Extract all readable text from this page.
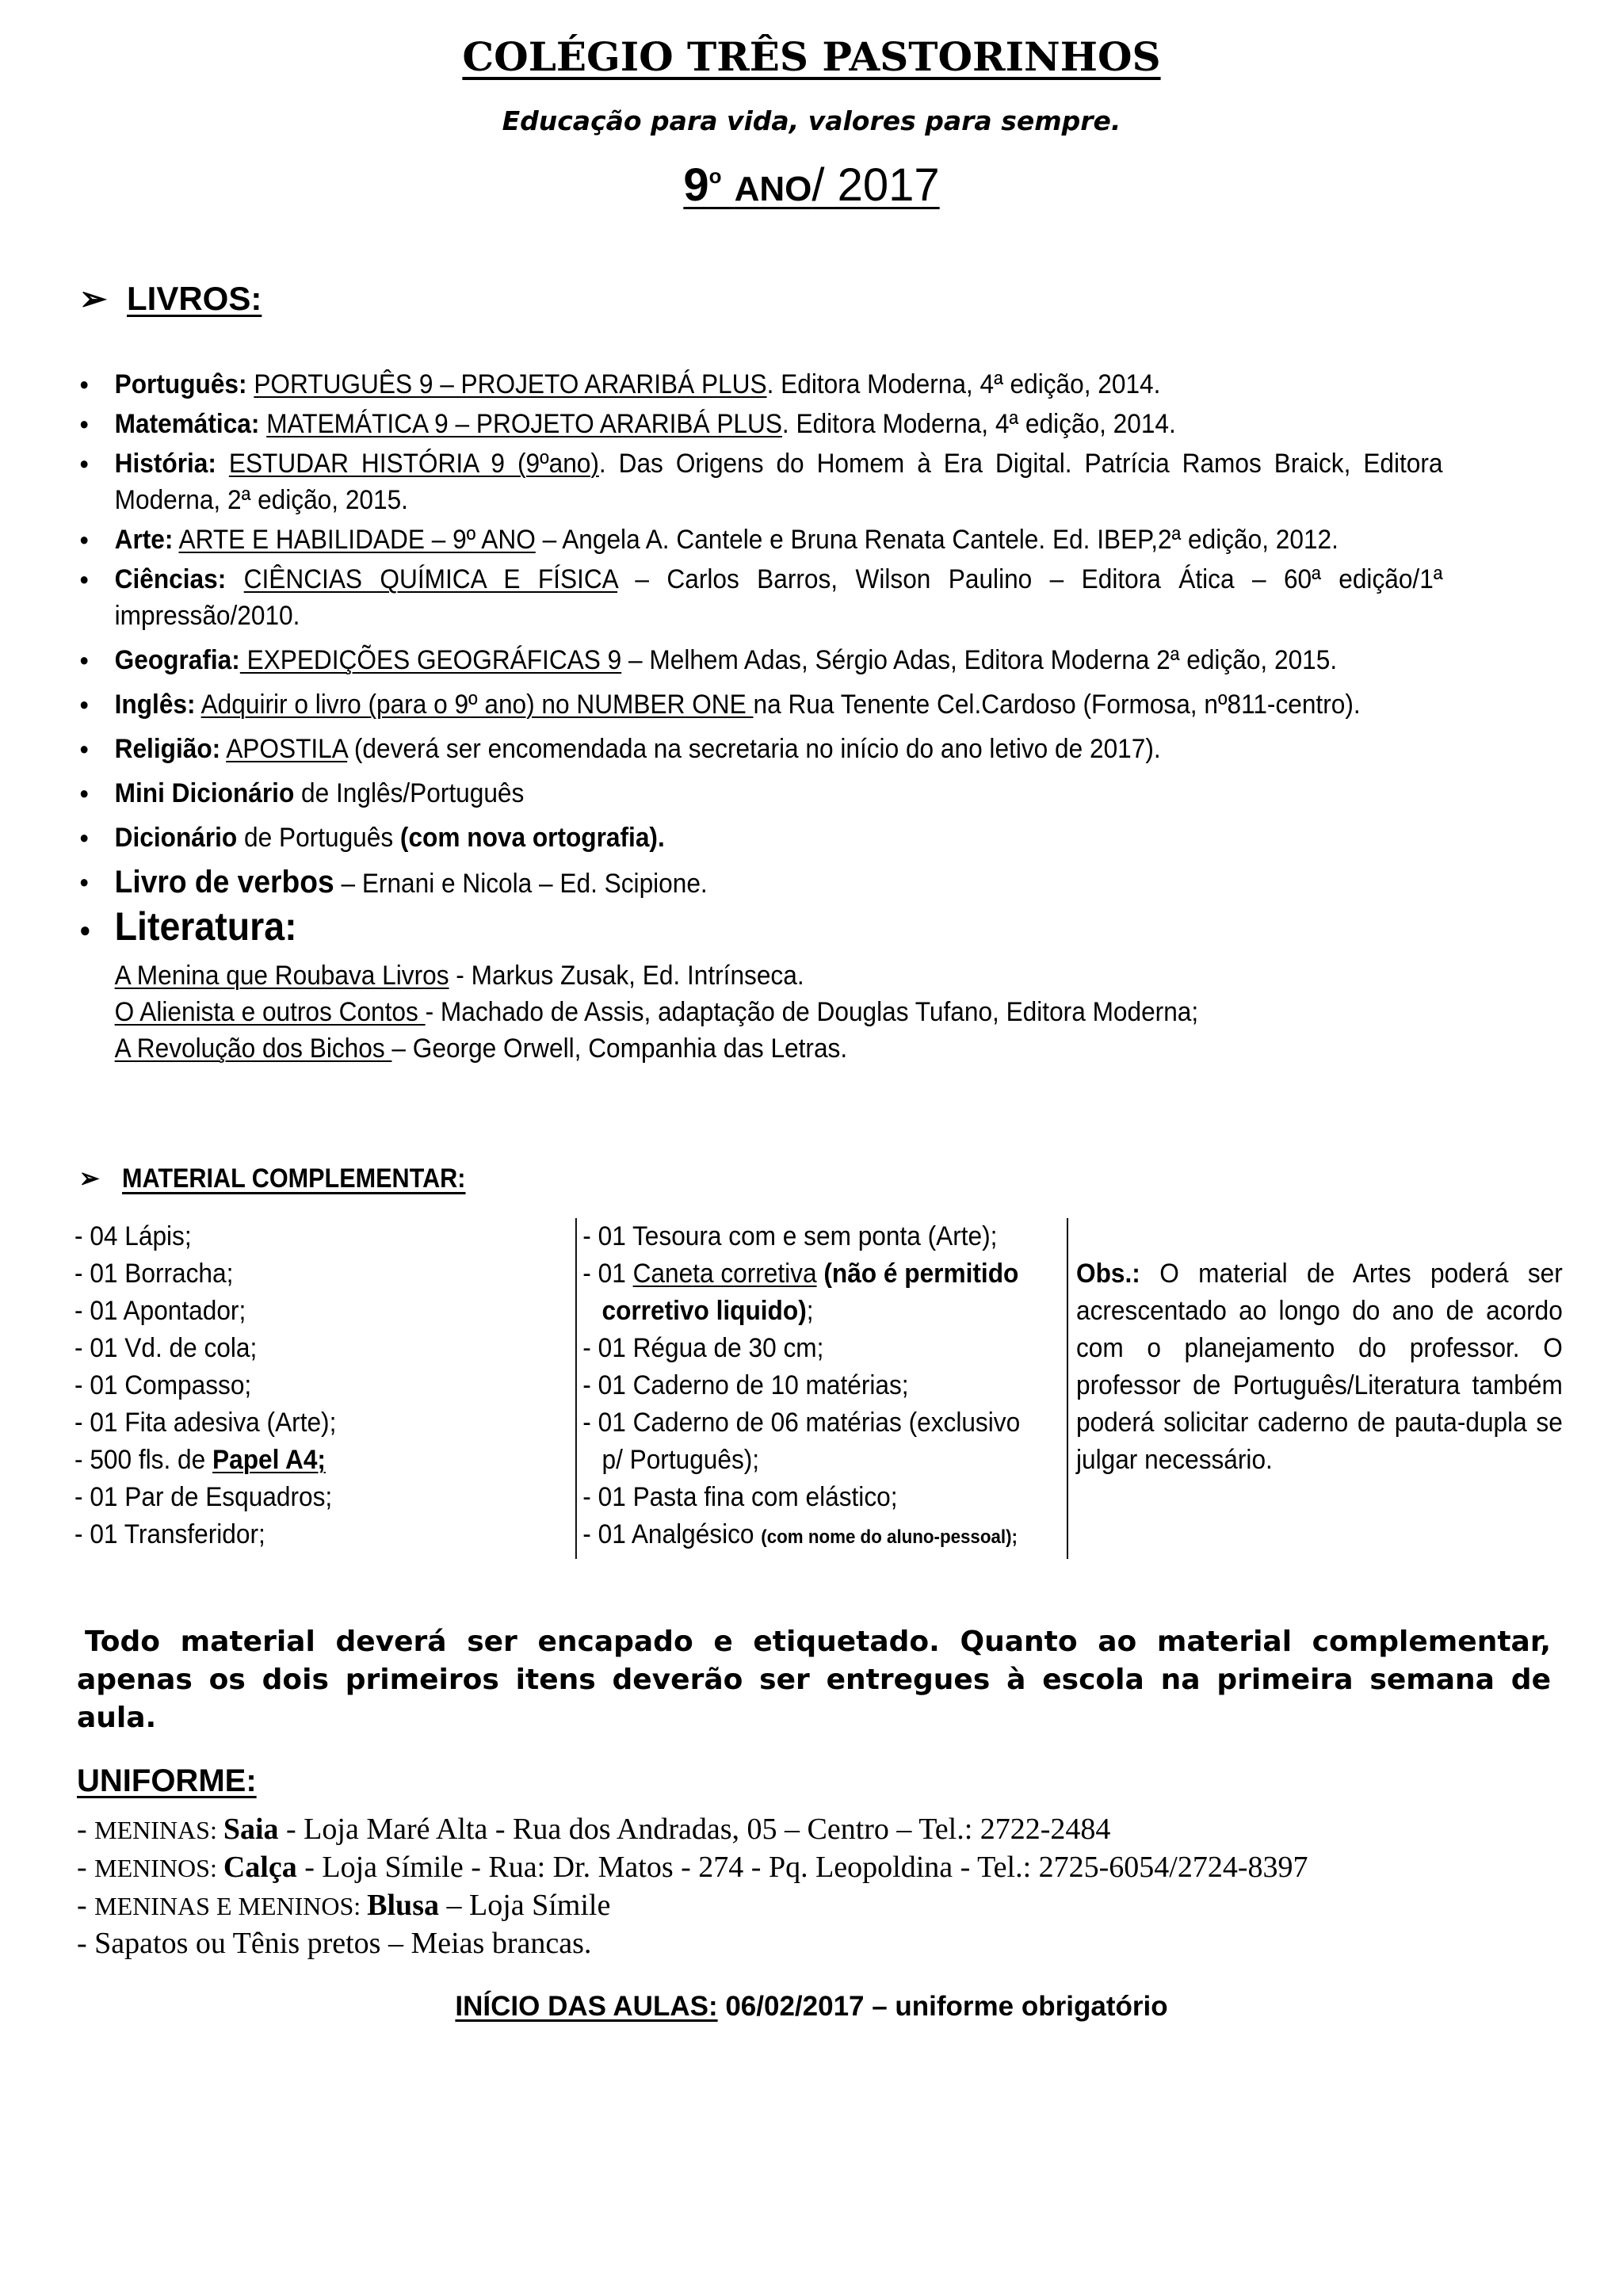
COLÉGIO TRÊS PASTORINHOS
Educação para vida, valores para sempre.
9$^o$ ANO/ 2017
➢ LIVROS:
● Português: PORTUGUÊS 9 – PROJETO ARARIBÁ PLUS. Editora Moderna, 4ª edição, 2014.
● Matemática: MATEMÁTICA 9 – PROJETO ARARIBÁ PLUS. Editora Moderna, 4ª edição, 2014.
● História: ESTUDAR HISTÓRIA 9 (9ºano). Das Origens do Homem à Era Digital. Patrícia Ramos Braick, Editora Moderna, 2ª edição, 2015.
● Arte: ARTE E HABILIDADE – 9º ANO – Angela A. Cantele e Bruna Renata Cantele. Ed. IBEP,2ª edição, 2012.
● Ciências: CIÊNCIAS QUÍMICA E FÍSICA – Carlos Barros, Wilson Paulino – Editora Ática – 60ª edição/1ª impressão/2010.
● Geografia: EXPEDIÇÕES GEOGRÁFICAS 9 – Melhem Adas, Sérgio Adas, Editora Moderna 2ª edição, 2015.
● Inglês: Adquirir o livro (para o 9º ano) no NUMBER ONE na Rua Tenente Cel.Cardoso (Formosa, nº811-centro).
● Religião: APOSTILA (deverá ser encomendada na secretaria no início do ano letivo de 2017).
● Mini Dicionário de Inglês/Português
● Dicionário de Português (com nova ortografia).
● Livro de verbos – Ernani e Nicola – Ed. Scipione.
● Literatura:
A Menina que Roubava Livros - Markus Zusak, Ed. Intrínseca.
O Alienista e outros Contos - Machado de Assis, adaptação de Douglas Tufano, Editora Moderna;
A Revolução dos Bichos – George Orwell, Companhia das Letras.
➢ MATERIAL COMPLEMENTAR:
- 04 Lápis;
- 01 Borracha;
- 01 Apontador;
- 01 Vd. de cola;
- 01 Compasso;
- 01 Fita adesiva (Arte);
- 500 fls. de Papel A4;
- 01 Par de Esquadros;
- 01 Transferidor;
- 01 Tesoura com e sem ponta (Arte);
- 01 Caneta corretiva (não é permitido
corretivo liquido);
- 01 Régua de 30 cm;
- 01 Caderno de 10 matérias;
- 01 Caderno de 06 matérias (exclusivo
p/ Português);
- 01 Pasta fina com elástico;
- 01 Analgésico (com nome do aluno-pessoal);
Obs.: O material de Artes poderá ser acrescentado ao longo do ano de acordo com o planejamento do professor. O professor de Português/Literatura também poderá solicitar caderno de pauta-dupla se julgar necessário.
Todo material deverá ser encapado e etiquetado. Quanto ao material complementar, apenas os dois primeiros itens deverão ser entregues à escola na primeira semana de aula.
UNIFORME:
- MENINAS: Saia - Loja Maré Alta - Rua dos Andradas, 05 – Centro – Tel.: 2722-2484
- MENINOS: Calça - Loja Símile - Rua: Dr. Matos - 274 - Pq. Leopoldina - Tel.: 2725-6054/2724-8397
- MENINAS E MENINOS: Blusa – Loja Símile
- Sapatos ou Tênis pretos – Meias brancas.
INÍCIO DAS AULAS: 06/02/2017 – uniforme obrigatório
